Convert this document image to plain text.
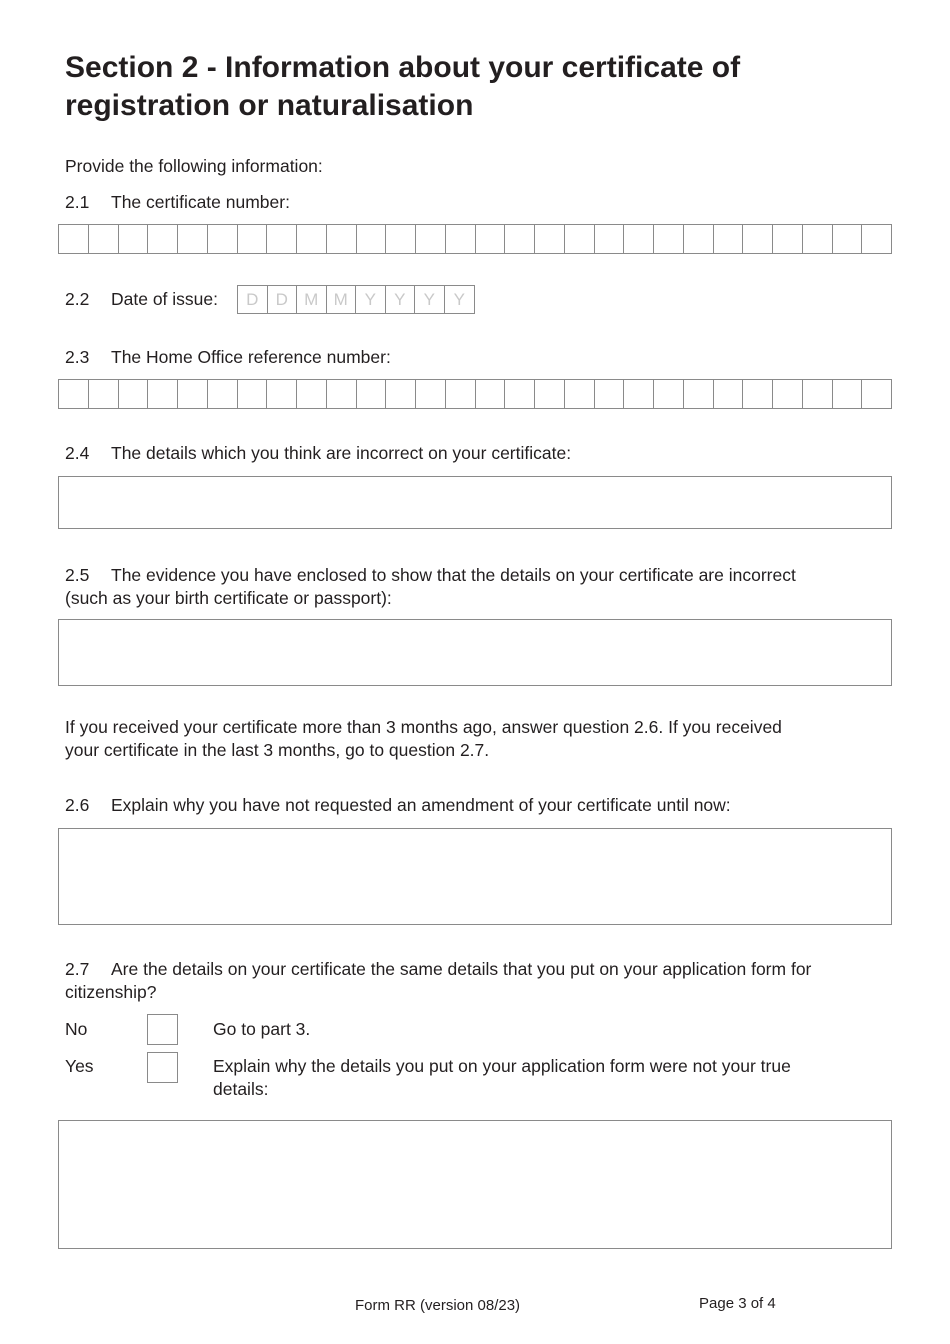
Section 2 - Information about your certificate of registration or naturalisation
Provide the following information:
2.1 The certificate number:
2.2 Date of issue:	D	D M M Y	Y	Y	Y
2.3 The Home Office reference number:
2.4 The details which you think are incorrect on your certificate:
2.5 The evidence you have enclosed to show that the details on your certificate are incorrect
(such as your birth certificate or passport):
If you received your certificate more than 3 months ago, answer question 2.6. If you received
your certificate in the last 3 months, go to question 2.7.
2.6 Explain why you have not requested an amendment of your certificate until now:
2.7 Are the details on your certificate the same details that you put on your application form for
citizenship?
No	Go to part 3.
Yes	Explain why the details you put on your application form were not your true
details:
Form RR (version 08/23)	Page 3 of 4
